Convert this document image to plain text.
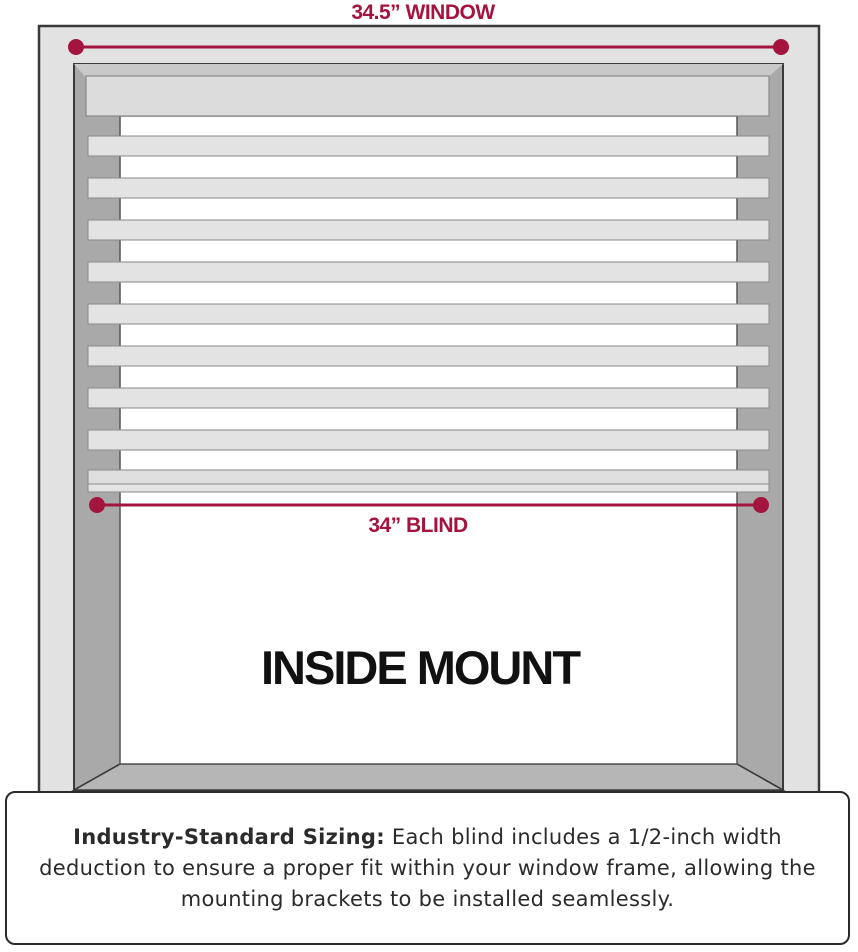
34.5” WINDOW
34” BLIND
INSIDE MOUNT

Industry-Standard Sizing: Each blind includes a 1/2-inch width deduction to ensure a proper fit within your window frame, allowing the mounting brackets to be installed seamlessly.
